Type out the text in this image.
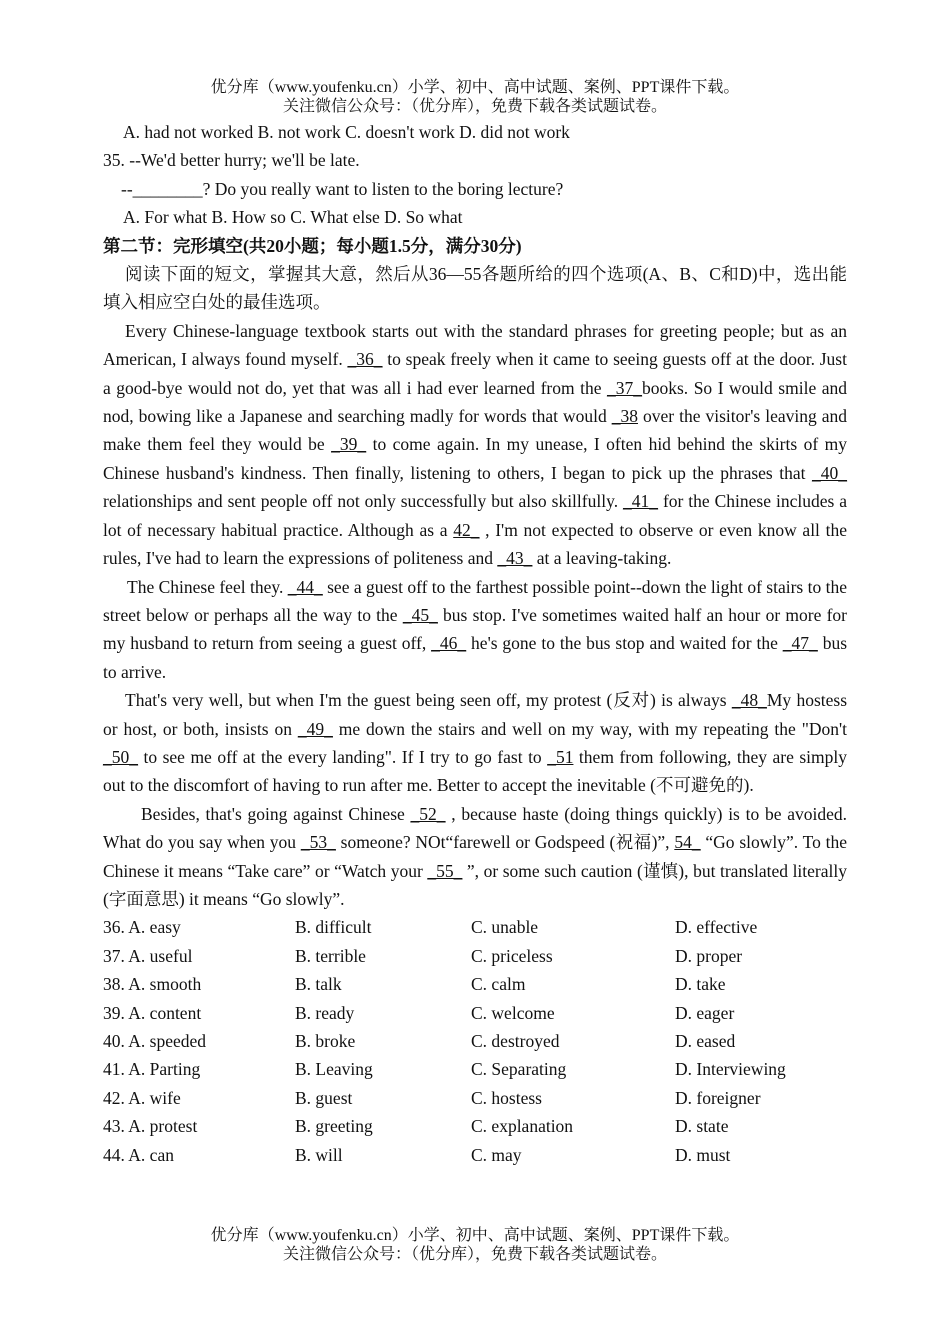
优分库（www.youfenku.cn）小学、初中、高中试题、案例、PPT课件下载。
关注微信公众号：（优分库），免费下载各类试题试卷。
A. had not worked B. not work C. doesn't work D. did not work
35. --We'd better hurry; we'll be late.
--________? Do you really want to listen to the boring lecture?
A. For what B. How so C. What else D. So what
第二节：完形填空(共20小题；每小题1.5分，满分30分)
阅读下面的短文，掌握其大意，然后从36—55各题所给的四个选项(A、B、C和D)中，选出能填入相应空白处的最佳选项。
Every Chinese-language textbook starts out with the standard phrases for greeting people; but as an American, I always found myself. _36_ to speak freely when it came to seeing guests off at the door. Just a good-bye would not do, yet that was all i had ever learned from the _37_books. So I would smile and nod, bowing like a Japanese and searching madly for words that would _38 over the visitor's leaving and make them feel they would be _39_ to come again. In my unease, I often hid behind the skirts of my Chinese husband's kindness. Then finally, listening to others, I began to pick up the phrases that _40_ relationships and sent people off not only successfully but also skillfully. _41_ for the Chinese includes a lot of necessary habitual practice. Although as a 42_ , I'm not expected to observe or even know all the rules, I've had to learn the expressions of politeness and _43_ at a leaving-taking.
The Chinese feel they. _44_ see a guest off to the farthest possible point--down the light of stairs to the street below or perhaps all the way to the _45_ bus stop. I've sometimes waited half an hour or more for my husband to return from seeing a guest off, _46_ he's gone to the bus stop and waited for the _47_ bus to arrive.
That's very well, but when I'm the guest being seen off, my protest (反对) is always _48_My hostess or host, or both, insists on _49_ me down the stairs and well on my way, with my repeating the "Don't _50_ to see me off at the every landing". If I try to go fast to _51 them from following, they are simply out to the discomfort of having to run after me. Better to accept the inevitable (不可避免的).
Besides, that's going against Chinese _52_ , because haste (doing things quickly) is to be avoided. What do you say when you _53_ someone? NOt“farewell or Godspeed (祝福)”, 54_ “Go slowly”. To the Chinese it means “Take care” or “Watch your _55_ ”, or some such caution (谨慎), but translated literally (字面意思) it means “Go slowly”.
36. A. easy	B. difficult	C. unable	D. effective
37. A. useful	B. terrible	C. priceless	D. proper
38. A. smooth	B. talk	C. calm	D. take
39. A. content	B. ready	C. welcome	D. eager
40. A. speeded	B. broke	C. destroyed	D. eased
41. A. Parting	B. Leaving	C. Separating	D. Interviewing
42. A. wife	B. guest	C. hostess	D. foreigner
43. A. protest	B. greeting	C. explanation	D. state
44. A. can	B. will	C. may	D. must
优分库（www.youfenku.cn）小学、初中、高中试题、案例、PPT课件下载。
关注微信公众号：（优分库），免费下载各类试题试卷。
